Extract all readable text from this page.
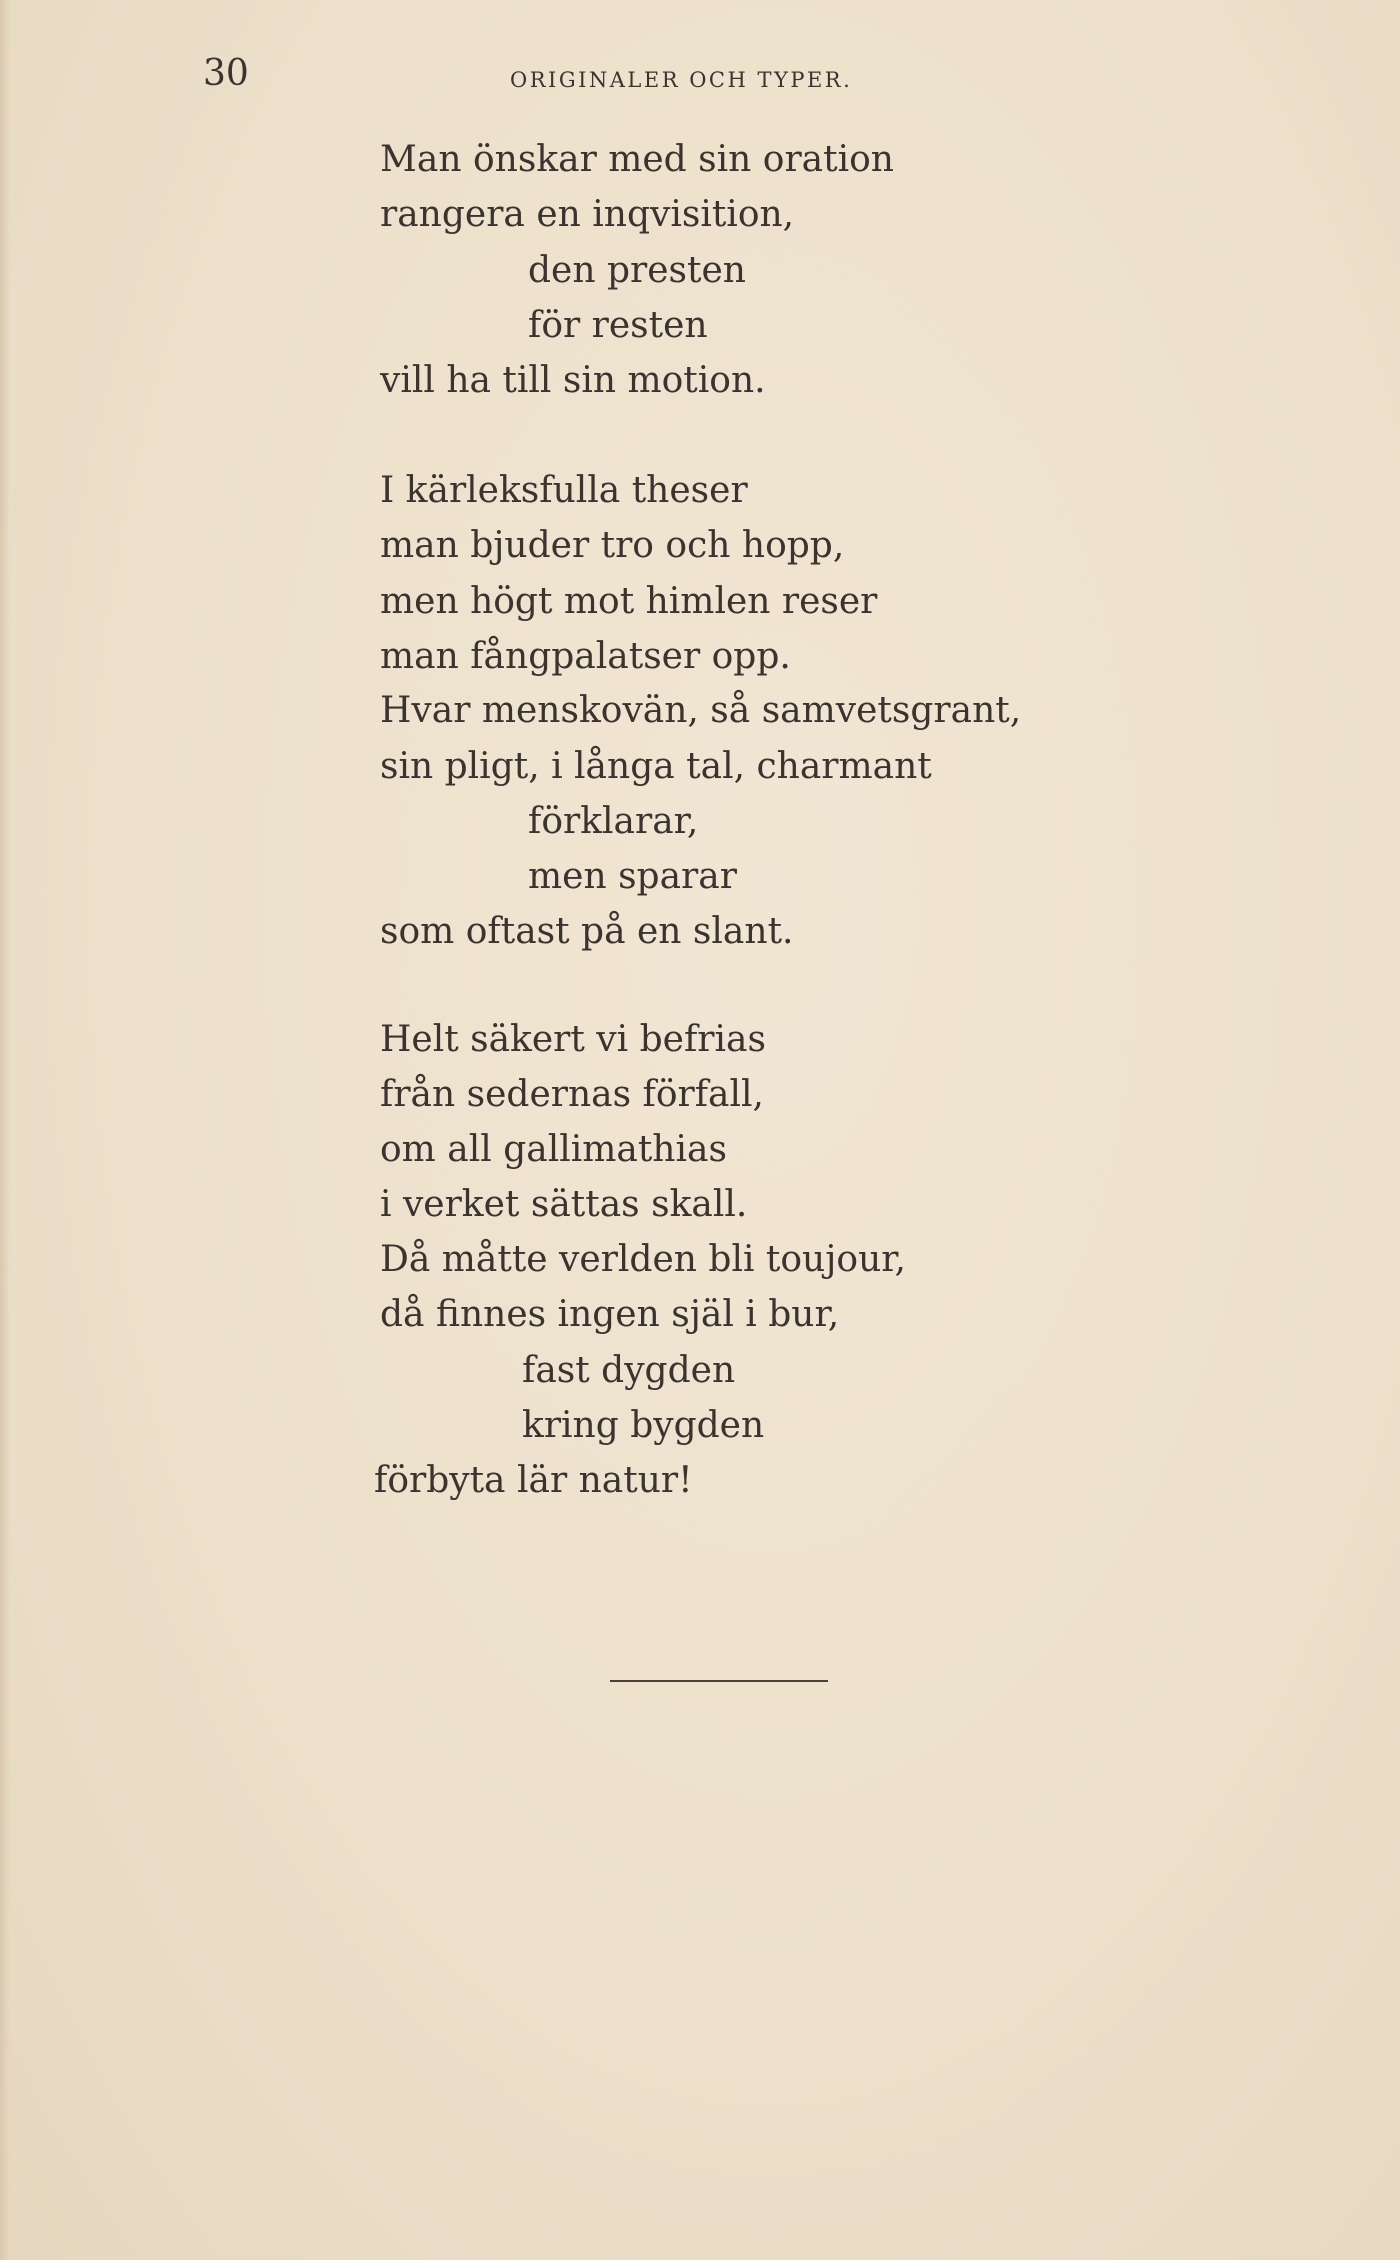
30	ORIGINALER OCH TYPER.
Man önskar med sin oration
rangera en inqvisition,
den presten
för resten
vill ha till sin motion.
I kärleksfulla theser
man bjuder tro och hopp,
men högt mot himlen reser
man fångpalatser opp.
Hvar menskovän, så samvetsgrant,
sin pligt, i långa tal, charmant
förklarar,
men sparar
som oftast på en slant.
Helt säkert vi befrias
från sedernas förfall,
om all gallimathias
i verket sättas skall.
Då måtte verlden bli toujour,
då finnes ingen själ i bur,
fast dygden
kring bygden
förbyta lär natur!
